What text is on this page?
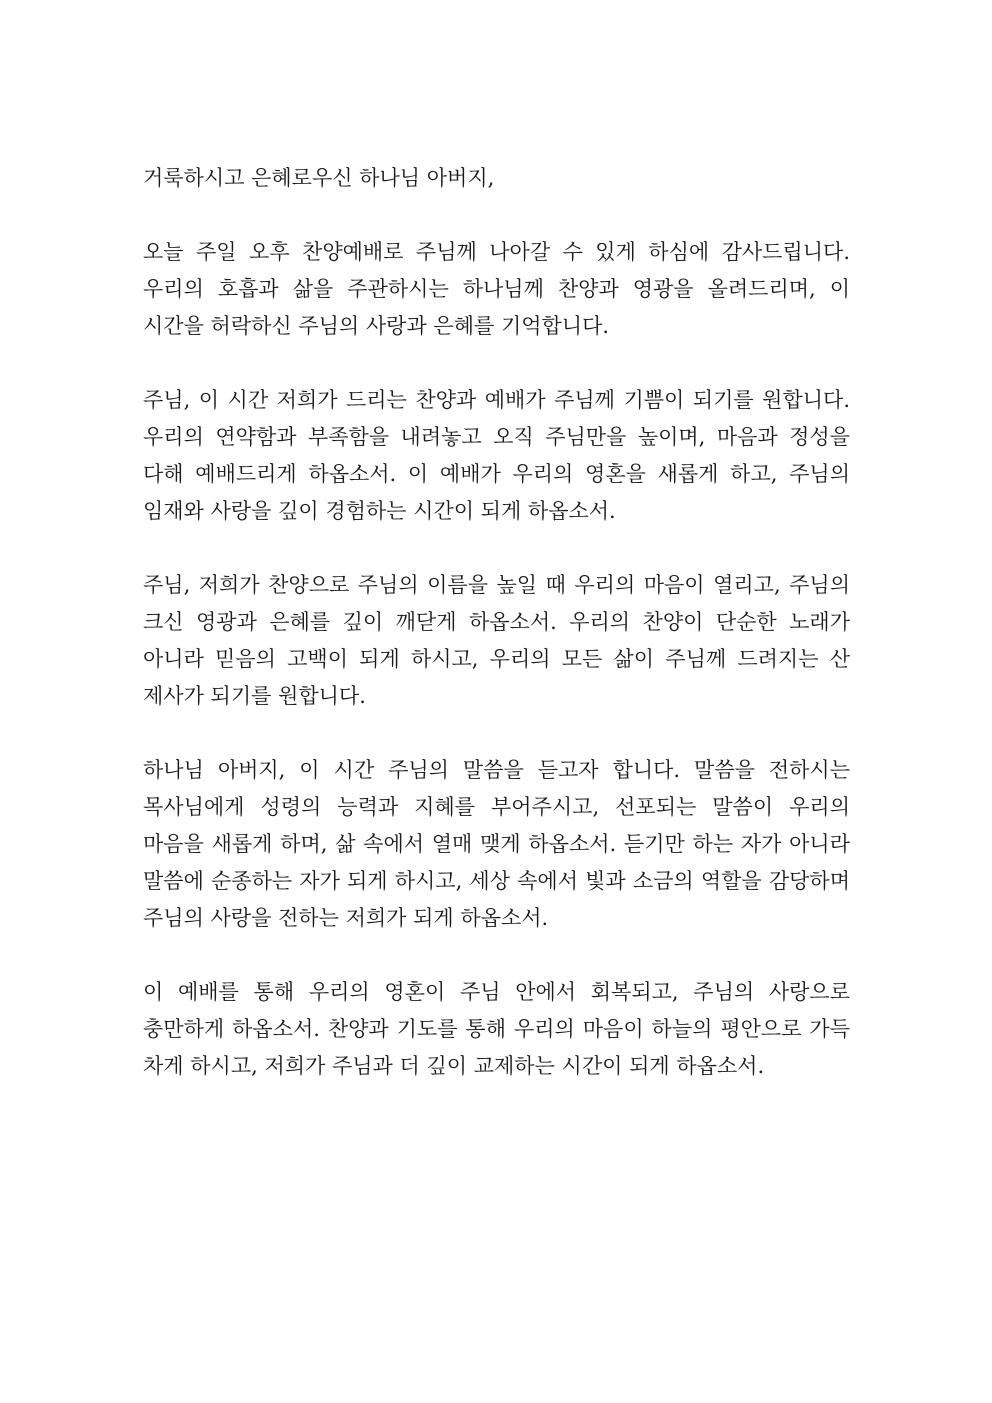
거룩하시고 은혜로우신 하나님 아버지,

오늘 주일 오후 찬양예배로 주님께 나아갈 수 있게 하심에 감사드립니다. 우리의 호흡과 삶을 주관하시는 하나님께 찬양과 영광을 올려드리며, 이 시간을 허락하신 주님의 사랑과 은혜를 기억합니다.

주님, 이 시간 저희가 드리는 찬양과 예배가 주님께 기쁨이 되기를 원합니다. 우리의 연약함과 부족함을 내려놓고 오직 주님만을 높이며, 마음과 정성을 다해 예배드리게 하옵소서. 이 예배가 우리의 영혼을 새롭게 하고, 주님의 임재와 사랑을 깊이 경험하는 시간이 되게 하옵소서.

주님, 저희가 찬양으로 주님의 이름을 높일 때 우리의 마음이 열리고, 주님의 크신 영광과 은혜를 깊이 깨닫게 하옵소서. 우리의 찬양이 단순한 노래가 아니라 믿음의 고백이 되게 하시고, 우리의 모든 삶이 주님께 드려지는 산 제사가 되기를 원합니다.

하나님 아버지, 이 시간 주님의 말씀을 듣고자 합니다. 말씀을 전하시는 목사님에게 성령의 능력과 지혜를 부어주시고, 선포되는 말씀이 우리의 마음을 새롭게 하며, 삶 속에서 열매 맺게 하옵소서. 듣기만 하는 자가 아니라 말씀에 순종하는 자가 되게 하시고, 세상 속에서 빛과 소금의 역할을 감당하며 주님의 사랑을 전하는 저희가 되게 하옵소서.

이 예배를 통해 우리의 영혼이 주님 안에서 회복되고, 주님의 사랑으로 충만하게 하옵소서. 찬양과 기도를 통해 우리의 마음이 하늘의 평안으로 가득 차게 하시고, 저희가 주님과 더 깊이 교제하는 시간이 되게 하옵소서.
